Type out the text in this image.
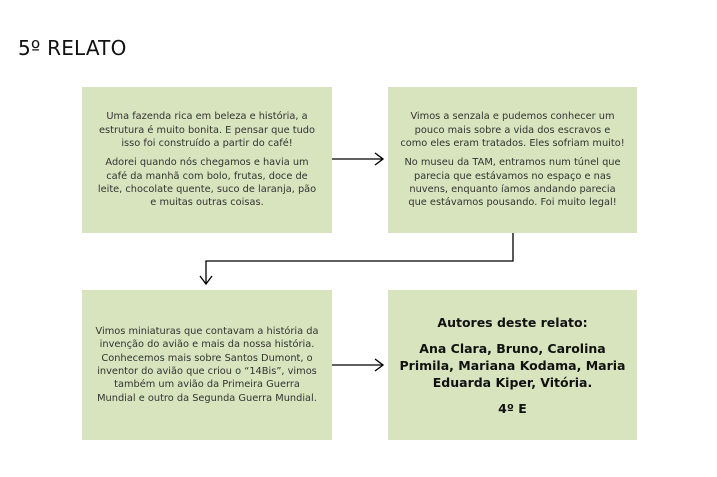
5º RELATO

Uma fazenda rica em beleza e história, a estrutura é muito bonita. E pensar que tudo isso foi construído a partir do café!

Adorei quando nós chegamos e havia um café da manhã com bolo, frutas, doce de leite, chocolate quente, suco de laranja, pão e muitas outras coisas.

Vimos a senzala e pudemos conhecer um pouco mais sobre a vida dos escravos e como eles eram tratados. Eles sofriam muito!

No museu da TAM, entramos num túnel que parecia que estávamos no espaço e nas nuvens, enquanto íamos andando parecia que estávamos pousando. Foi muito legal!

Vimos miniaturas que contavam a história da invenção do avião e mais da nossa história. Conhecemos mais sobre Santos Dumont, o inventor do avião que criou o “14Bis”, vimos também um avião da Primeira Guerra Mundial e outro da Segunda Guerra Mundial.

Autores deste relato:
Ana Clara, Bruno, Carolina Primila, Mariana Kodama, Maria Eduarda Kiper, Vitória.
4º E
